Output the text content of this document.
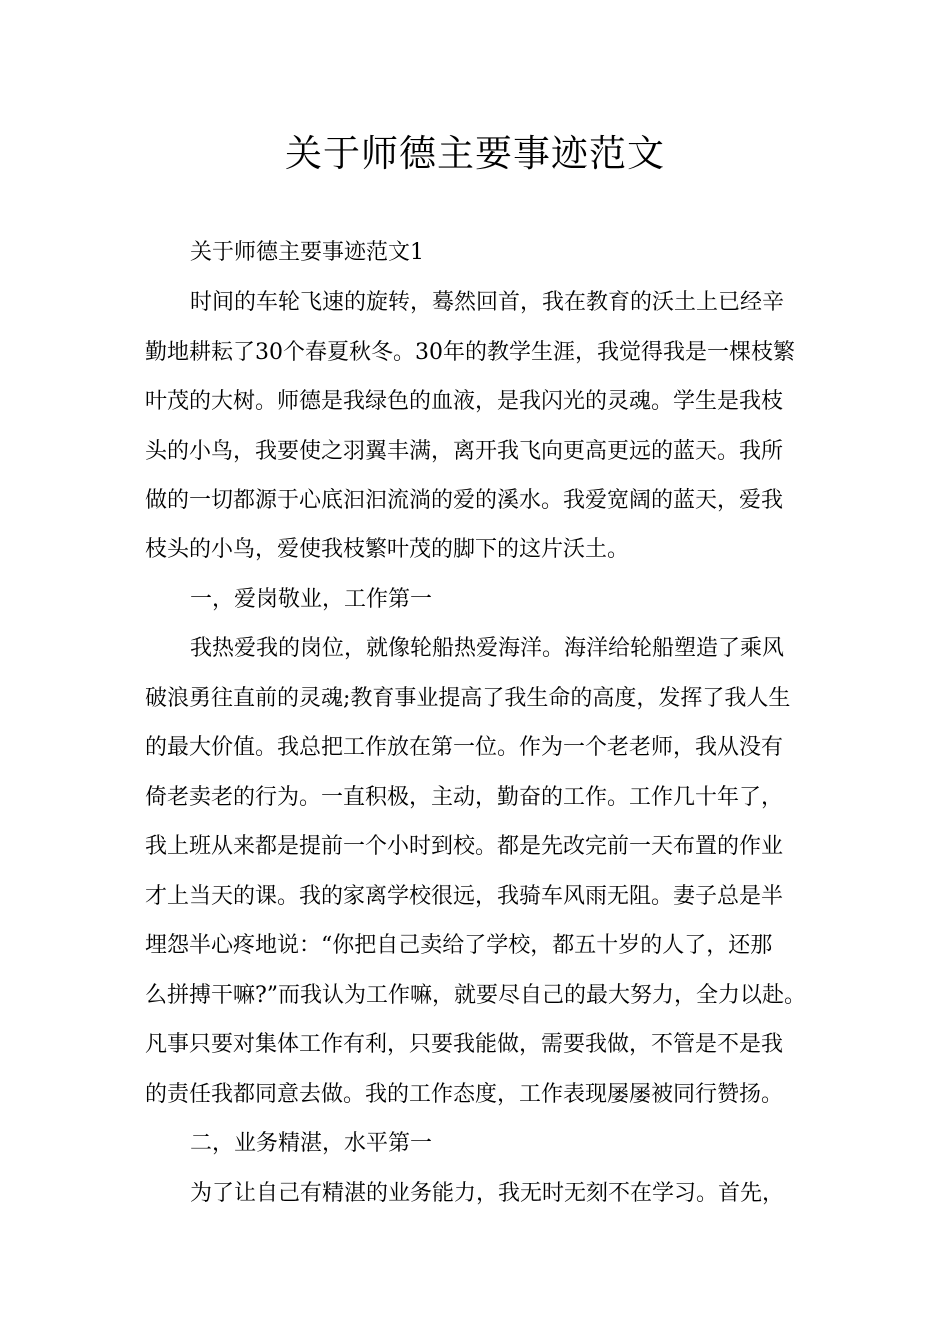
关于师德主要事迹范文

关于师德主要事迹范文1

时间的车轮飞速的旋转，蓦然回首，我在教育的沃土上已经辛

勤地耕耘了30个春夏秋冬。30年的教学生涯，我觉得我是一棵枝繁

叶茂的大树。师德是我绿色的血液，是我闪光的灵魂。学生是我枝

头的小鸟，我要使之羽翼丰满，离开我飞向更高更远的蓝天。我所

做的一切都源于心底汩汩流淌的爱的溪水。我爱宽阔的蓝天，爱我

枝头的小鸟，爱使我枝繁叶茂的脚下的这片沃土。

一，爱岗敬业，工作第一

我热爱我的岗位，就像轮船热爱海洋。海洋给轮船塑造了乘风

破浪勇往直前的灵魂;教育事业提高了我生命的高度，发挥了我人生

的最大价值。我总把工作放在第一位。作为一个老老师，我从没有

倚老卖老的行为。一直积极，主动，勤奋的工作。工作几十年了，

我上班从来都是提前一个小时到校。都是先改完前一天布置的作业

才上当天的课。我的家离学校很远，我骑车风雨无阻。妻子总是半

埋怨半心疼地说：“你把自己卖给了学校，都五十岁的人了，还那

么拼搏干嘛?”而我认为工作嘛，就要尽自己的最大努力，全力以赴。

凡事只要对集体工作有利，只要我能做，需要我做，不管是不是我

的责任我都同意去做。我的工作态度，工作表现屡屡被同行赞扬。

二，业务精湛，水平第一

为了让自己有精湛的业务能力，我无时无刻不在学习。首先，
